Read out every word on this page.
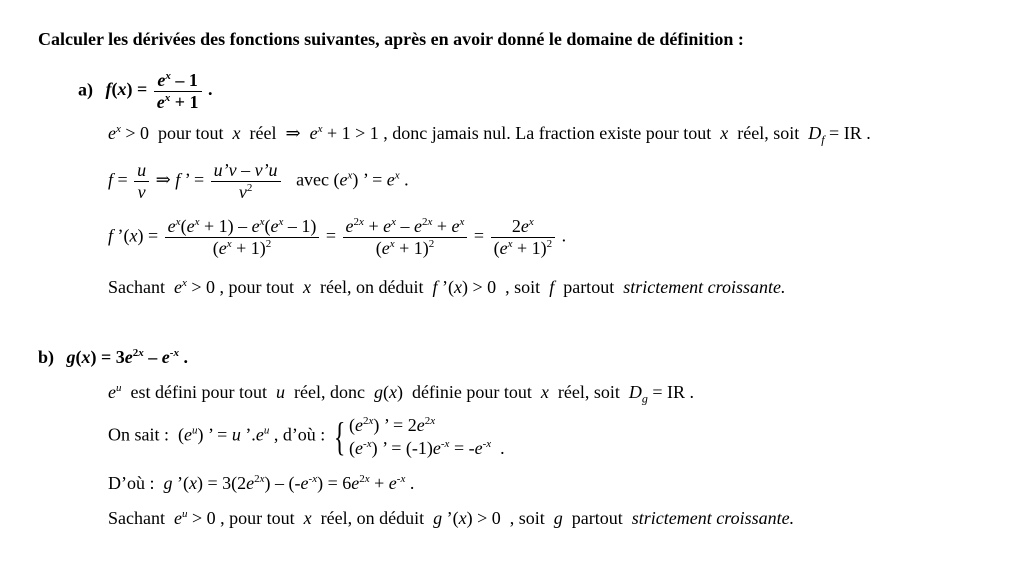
Calculer les dérivées des fonctions suivantes, après en avoir donné le domaine de définition :
a) $f(x) = \frac{e^x - 1}{e^x + 1}$ .
$e^x > 0$  pour tout  x  réel  ⇒  $e^x + 1 > 1$ , donc jamais nul. La fraction existe pour tout  x  réel, soit  $D_f$ = IR .
$f = \frac{u}{v}$ ⇒ f ’ = $\frac{u’v - v’u}{v^2}$ avec $(e^x)$ ’ = $e^x$ .
f ’(x) = $\frac{e^x(e^x + 1) - e^x(e^x - 1)}{(e^x + 1)^2} = \frac{e^{2x} + e^x - e^{2x} + e^x}{(e^x + 1)^2} = \frac{2e^x}{(e^x + 1)^2}$ .
Sachant $e^x > 0$ , pour tout x réel, on déduit f ’(x) > 0  , soit f partout strictement croissante.
b) $g(x) = 3e^{2x} - e^{-x}$ .
$e^u$  est défini pour tout  u  réel, donc  g(x)  définie pour tout  x  réel, soit  $D_g$ = IR .
On sait :  $(e^u)$ ’ = u $’.e^u$ , d’où : { $(e^{2x})$ ’ = $2e^{2x}$
$(e^{-x})$ ’ = $(-1)e^{-x} = -e^{-x}$  .
D’où : g ’(x) = $3(2e^{2x}) - (-e^{-x}) = 6e^{2x} + e^{-x}$ .
Sachant $e^u > 0$ , pour tout x réel, on déduit g ’(x) > 0  , soit g partout strictement croissante.
